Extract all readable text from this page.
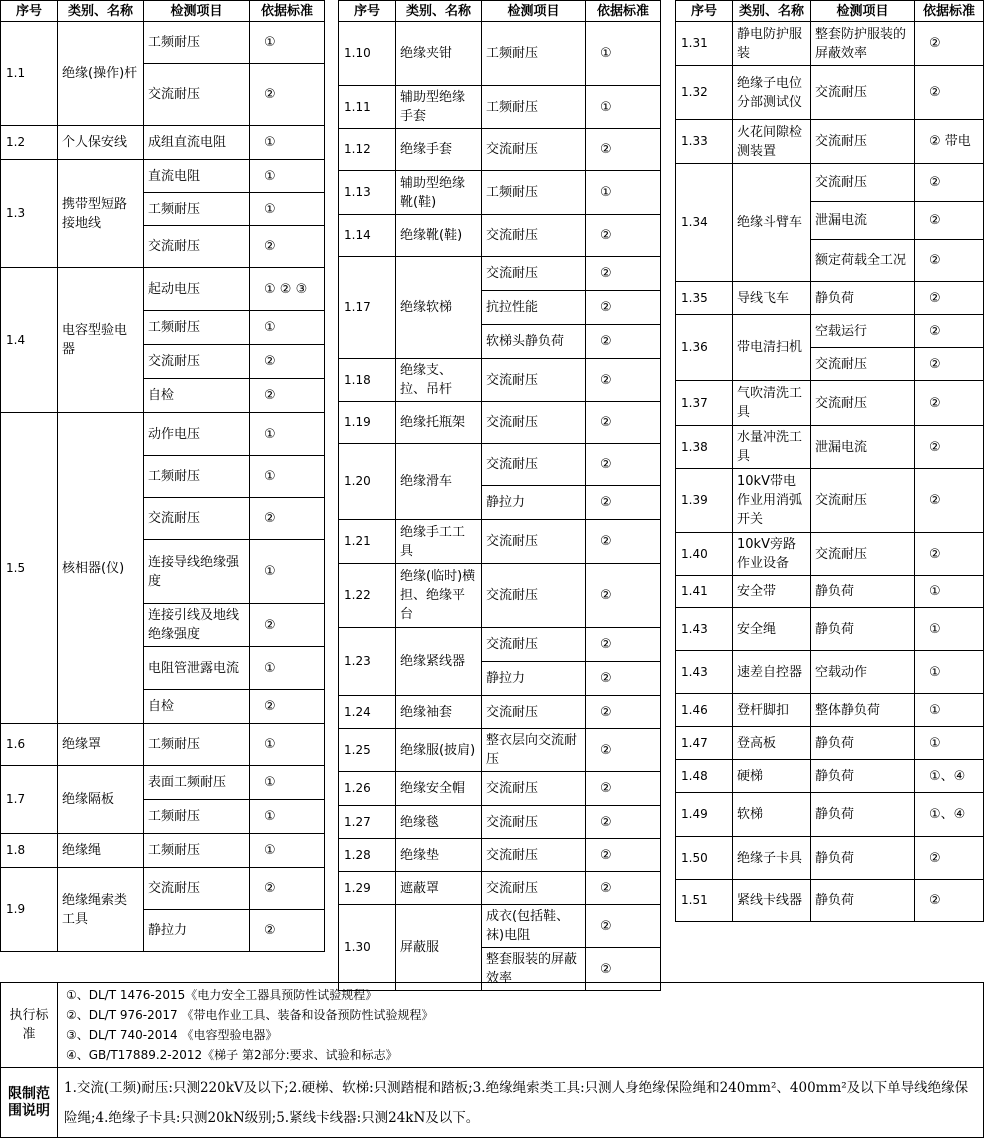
序号	类别、名称	检测项目	依据标准
1.1	绝缘(操作)杆	工频耐压	①
		交流耐压	②
1.2	个人保安线	成组直流电阻	①
1.3	携带型短路接地线	直流电阻	①
		工频耐压	①
		交流耐压	②
1.4	电容型验电器	起动电压	① ② ③
		工频耐压	①
		交流耐压	②
		自检	②
1.5	核相器(仪)	动作电压	①
		工频耐压	①
		交流耐压	②
		连接导线绝缘强度	①
		连接引线及地线绝缘强度	②
		电阻管泄露电流	①
		自检	②
1.6	绝缘罩	工频耐压	①
1.7	绝缘隔板	表面工频耐压	①
		工频耐压	①
1.8	绝缘绳	工频耐压	①
1.9	绝缘绳索类工具	交流耐压	②
		静拉力	②
序号	类别、名称	检测项目	依据标准
1.10	绝缘夹钳	工频耐压	①
1.11	辅助型绝缘手套	工频耐压	①
1.12	绝缘手套	交流耐压	②
1.13	辅助型绝缘靴(鞋)	工频耐压	①
1.14	绝缘靴(鞋)	交流耐压	②
1.17	绝缘软梯	交流耐压	②
		抗拉性能	②
		软梯头静负荷	②
1.18	绝缘支、拉、吊杆	交流耐压	②
1.19	绝缘托瓶架	交流耐压	②
1.20	绝缘滑车	交流耐压	②
		静拉力	②
1.21	绝缘手工工具	交流耐压	②
1.22	绝缘(临时)横担、绝缘平台	交流耐压	②
1.23	绝缘紧线器	交流耐压	②
		静拉力	②
1.24	绝缘袖套	交流耐压	②
1.25	绝缘服(披肩)	整衣层向交流耐压	②
1.26	绝缘安全帽	交流耐压	②
1.27	绝缘毯	交流耐压	②
1.28	绝缘垫	交流耐压	②
1.29	遮蔽罩	交流耐压	②
1.30	屏蔽服	成衣(包括鞋、袜)电阻	②
		整套服装的屏蔽效率	②
序号	类别、名称	检测项目	依据标准
1.31	静电防护服装	整套防护服装的屏蔽效率	②
1.32	绝缘子电位分部测试仪	交流耐压	②
1.33	火花间隙检测装置	交流耐压	② 带电
1.34	绝缘斗臂车	交流耐压	②
		泄漏电流	②
		额定荷载全工况	②
1.35	导线飞车	静负荷	②
1.36	带电清扫机	空载运行	②
		交流耐压	②
1.37	气吹清洗工具	交流耐压	②
1.38	水量冲洗工具	泄漏电流	②
1.39	10kV带电作业用消弧开关	交流耐压	②
1.40	10kV旁路作业设备	交流耐压	②
1.41	安全带	静负荷	①
1.43	安全绳	静负荷	①
1.43	速差自控器	空载动作	①
1.46	登杆脚扣	整体静负荷	①
1.47	登高板	静负荷	①
1.48	硬梯	静负荷	①、④
1.49	软梯	静负荷	①、④
1.50	绝缘子卡具	静负荷	②
1.51	紧线卡线器	静负荷	②
执行标准	①、DL/T 1476-2015《电力安全工器具预防性试验规程》
②、DL/T 976-2017 《带电作业工具、装备和设备预防性试验规程》
③、DL/T 740-2014 《电容型验电器》
④、GB/T17889.2-2012《梯子 第2部分:要求、试验和标志》

限制范围说明	1.交流(工频)耐压:只测220kV及以下;2.硬梯、软梯:只测踏棍和踏板;3.绝缘绳索类工具:只测人身绝缘保险绳和240mm²、400mm²及以下单导线绝缘保险绳;4.绝缘子卡具:只测20kN级别;5.紧线卡线器:只测24kN及以下。
